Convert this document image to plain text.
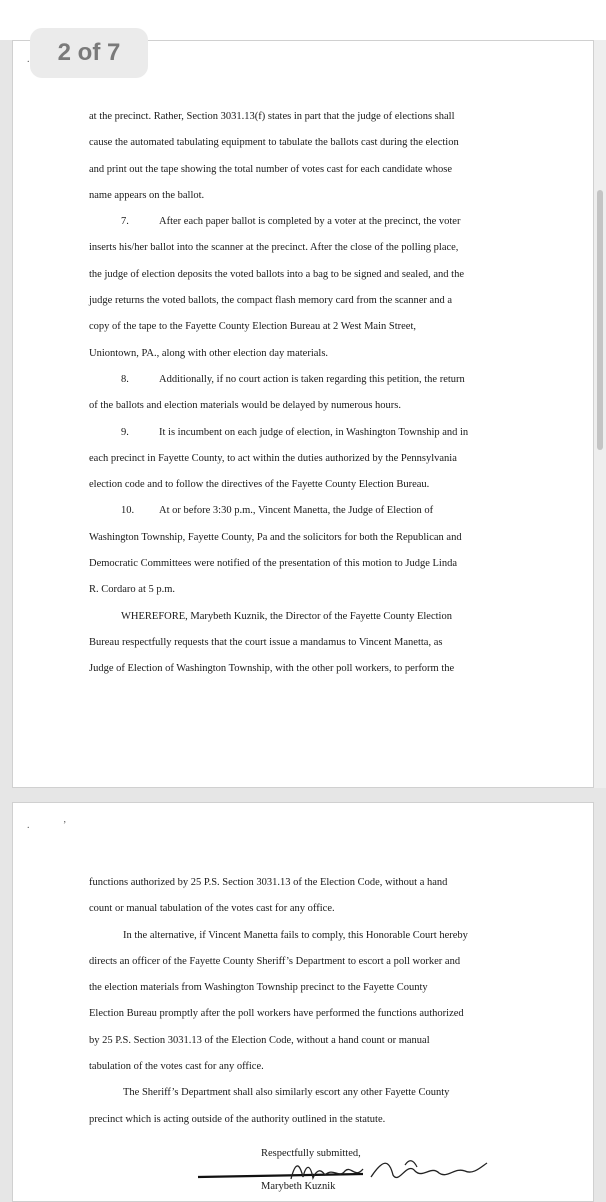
2 of 7
.
at the precinct. Rather, Section 3031.13(f) states in part that the judge of elections shall
cause the automated tabulating equipment to tabulate the ballots cast during the election
and print out the tape showing the total number of votes cast for each candidate whose
name appears on the ballot.
7.	After each paper ballot is completed by a voter at the precinct, the voter
inserts his/her ballot into the scanner at the precinct. After the close of the polling place,
the judge of election deposits the voted ballots into a bag to be signed and sealed, and the
judge returns the voted ballots, the compact flash memory card from the scanner and a
copy of the tape to the Fayette County Election Bureau at 2 West Main Street,
Uniontown, PA., along with other election day materials.
8.	Additionally, if no court action is taken regarding this petition, the return
of the ballots and election materials would be delayed by numerous hours.
9.	It is incumbent on each judge of election, in Washington Township and in
each precinct in Fayette County, to act within the duties authorized by the Pennsylvania
election code and to follow the directives of the Fayette County Election Bureau.
10. At or before 3:30 p.m., Vincent Manetta, the Judge of Election of
Washington Township, Fayette County, Pa and the solicitors for both the Republican and
Democratic Committees were notified of the presentation of this motion to Judge Linda
R. Cordaro at 5 p.m.
WHEREFORE, Marybeth Kuznik, the Director of the Fayette County Election
Bureau respectfully requests that the court issue a mandamus to Vincent Manetta, as
Judge of Election of Washington Township, with the other poll workers, to perform the
.	’
functions authorized by 25 P.S. Section 3031.13 of the Election Code, without a hand
count or manual tabulation of the votes cast for any office.
In the alternative, if Vincent Manetta fails to comply, this Honorable Court hereby
directs an officer of the Fayette County Sheriff’s Department to escort a poll worker and
the election materials from Washington Township precinct to the Fayette County
Election Bureau promptly after the poll workers have performed the functions authorized
by 25 P.S. Section 3031.13 of the Election Code, without a hand count or manual
tabulation of the votes cast for any office.
The Sheriff’s Department shall also similarly escort any other Fayette County
precinct which is acting outside of the authority outlined in the statute.
Respectfully submitted,
Marybeth Kuznik
